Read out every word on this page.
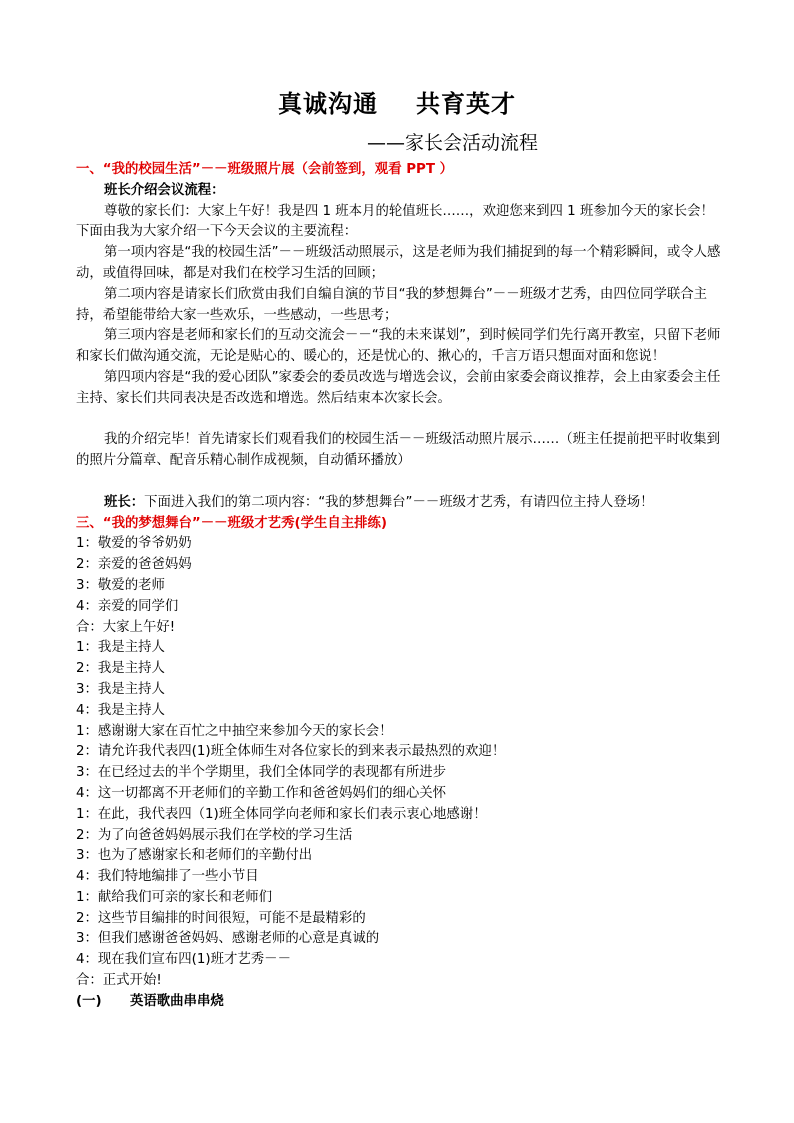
真诚沟通 共育英才
——家长会活动流程

一、“我的校园生活”－－班级照片展（会前签到，观看 PPT ）

班长介绍会议流程：

尊敬的家长们：大家上午好！我是四 1 班本月的轮值班长……，欢迎您来到四 1 班参加今天的家长会！下面由我为大家介绍一下今天会议的主要流程：

第一项内容是“我的校园生活”－－班级活动照展示，这是老师为我们捕捉到的每一个精彩瞬间，或令人感动，或值得回味，都是对我们在校学习生活的回顾；

第二项内容是请家长们欣赏由我们自编自演的节目“我的梦想舞台”－－班级才艺秀，由四位同学联合主持，希望能带给大家一些欢乐，一些感动，一些思考；

第三项内容是老师和家长们的互动交流会－－“我的未来谋划”，到时候同学们先行离开教室，只留下老师和家长们做沟通交流，无论是贴心的、暖心的，还是忧心的、揪心的，千言万语只想面对面和您说！

第四项内容是“我的爱心团队”家委会的委员改选与增选会议，会前由家委会商议推荐，会上由家委会主任主持、家长们共同表决是否改选和增选。然后结束本次家长会。

我的介绍完毕！首先请家长们观看我们的校园生活－－班级活动照片展示……（班主任提前把平时收集到的照片分篇章、配音乐精心制作成视频，自动循环播放）

班长：下面进入我们的第二项内容：“我的梦想舞台”－－班级才艺秀，有请四位主持人登场！

三、“我的梦想舞台”－－班级才艺秀(学生自主排练)

1：敬爱的爷爷奶奶

2：亲爱的爸爸妈妈

3：敬爱的老师

4：亲爱的同学们

合：大家上午好!

1：我是主持人

2：我是主持人

3：我是主持人

4：我是主持人

1：感谢谢大家在百忙之中抽空来参加今天的家长会！

2：请允许我代表四(1)班全体师生对各位家长的到来表示最热烈的欢迎！

3：在已经过去的半个学期里，我们全体同学的表现都有所进步

4：这一切都离不开老师们的辛勤工作和爸爸妈妈们的细心关怀

1：在此，我代表四（1)班全体同学向老师和家长们表示衷心地感谢！

2：为了向爸爸妈妈展示我们在学校的学习生活

3：也为了感谢家长和老师们的辛勤付出

4：我们特地编排了一些小节目

1：献给我们可亲的家长和老师们

2：这些节目编排的时间很短，可能不是最精彩的

3：但我们感谢爸爸妈妈、感谢老师的心意是真诚的

4：现在我们宣布四(1)班才艺秀－－

合：正式开始!

(一) 英语歌曲串串烧
